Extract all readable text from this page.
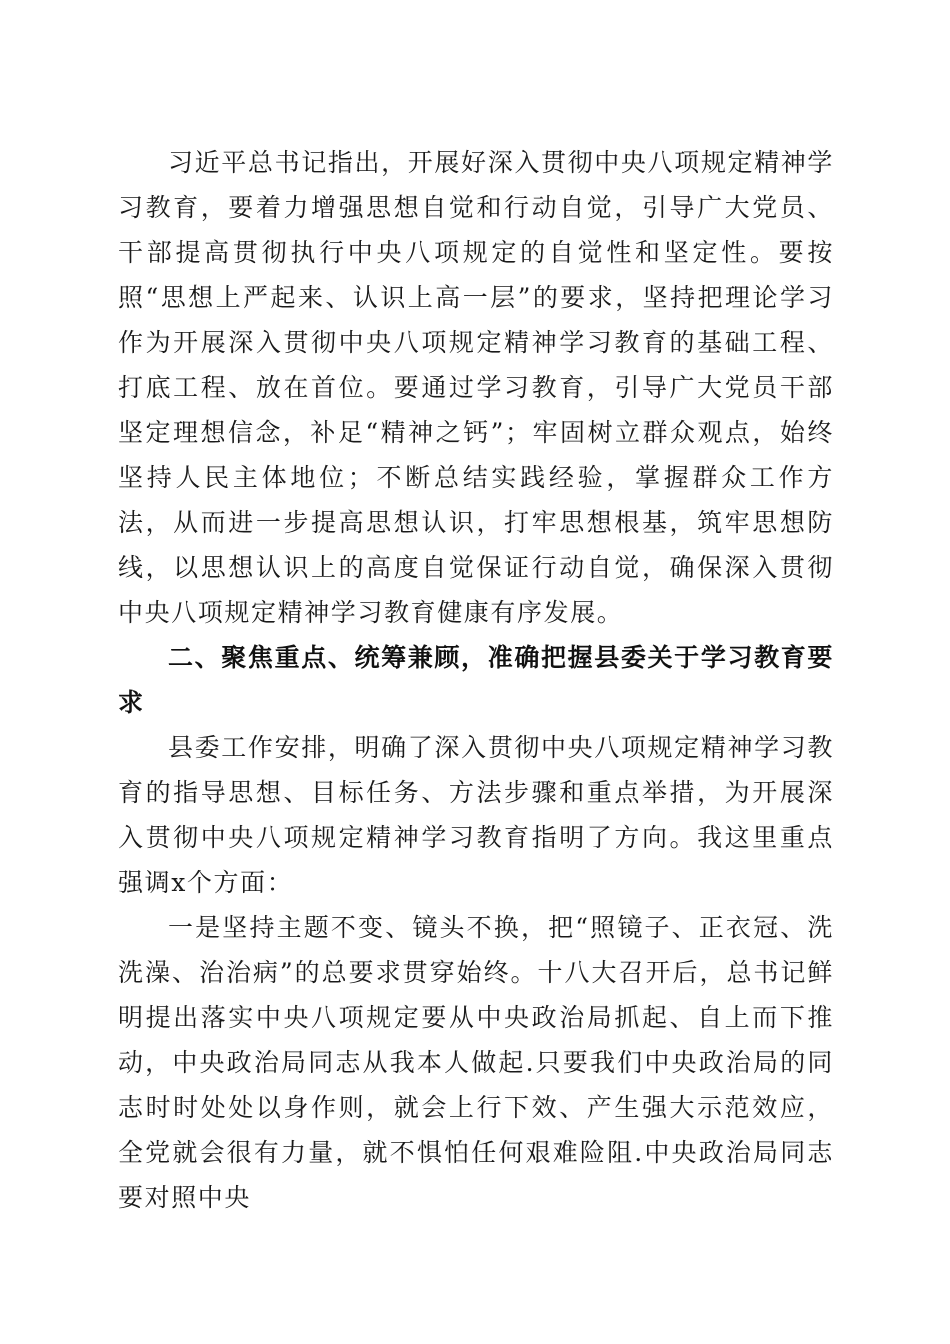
习近平总书记指出，开展好深入贯彻中央八项规定精神学习教育，要着力增强思想自觉和行动自觉，引导广大党员、干部提高贯彻执行中央八项规定的自觉性和坚定性。要按照“思想上严起来、认识上高一层”的要求，坚持把理论学习作为开展深入贯彻中央八项规定精神学习教育的基础工程、打底工程、放在首位。要通过学习教育，引导广大党员干部坚定理想信念，补足“精神之钙”；牢固树立群众观点，始终坚持人民主体地位；不断总结实践经验，掌握群众工作方法，从而进一步提高思想认识，打牢思想根基，筑牢思想防线，以思想认识上的高度自觉保证行动自觉，确保深入贯彻中央八项规定精神学习教育健康有序发展。

二、聚焦重点、统筹兼顾，准确把握县委关于学习教育要求

县委工作安排，明确了深入贯彻中央八项规定精神学习教育的指导思想、目标任务、方法步骤和重点举措，为开展深入贯彻中央八项规定精神学习教育指明了方向。我这里重点强调x个方面：

一是坚持主题不变、镜头不换，把“照镜子、正衣冠、洗洗澡、治治病”的总要求贯穿始终。十八大召开后，总书记鲜明提出落实中央八项规定要从中央政治局抓起、自上而下推动，中央政治局同志从我本人做起.只要我们中央政治局的同志时时处处以身作则，就会上行下效、产生强大示范效应，全党就会很有力量，就不惧怕任何艰难险阻.中央政治局同志要对照中央
